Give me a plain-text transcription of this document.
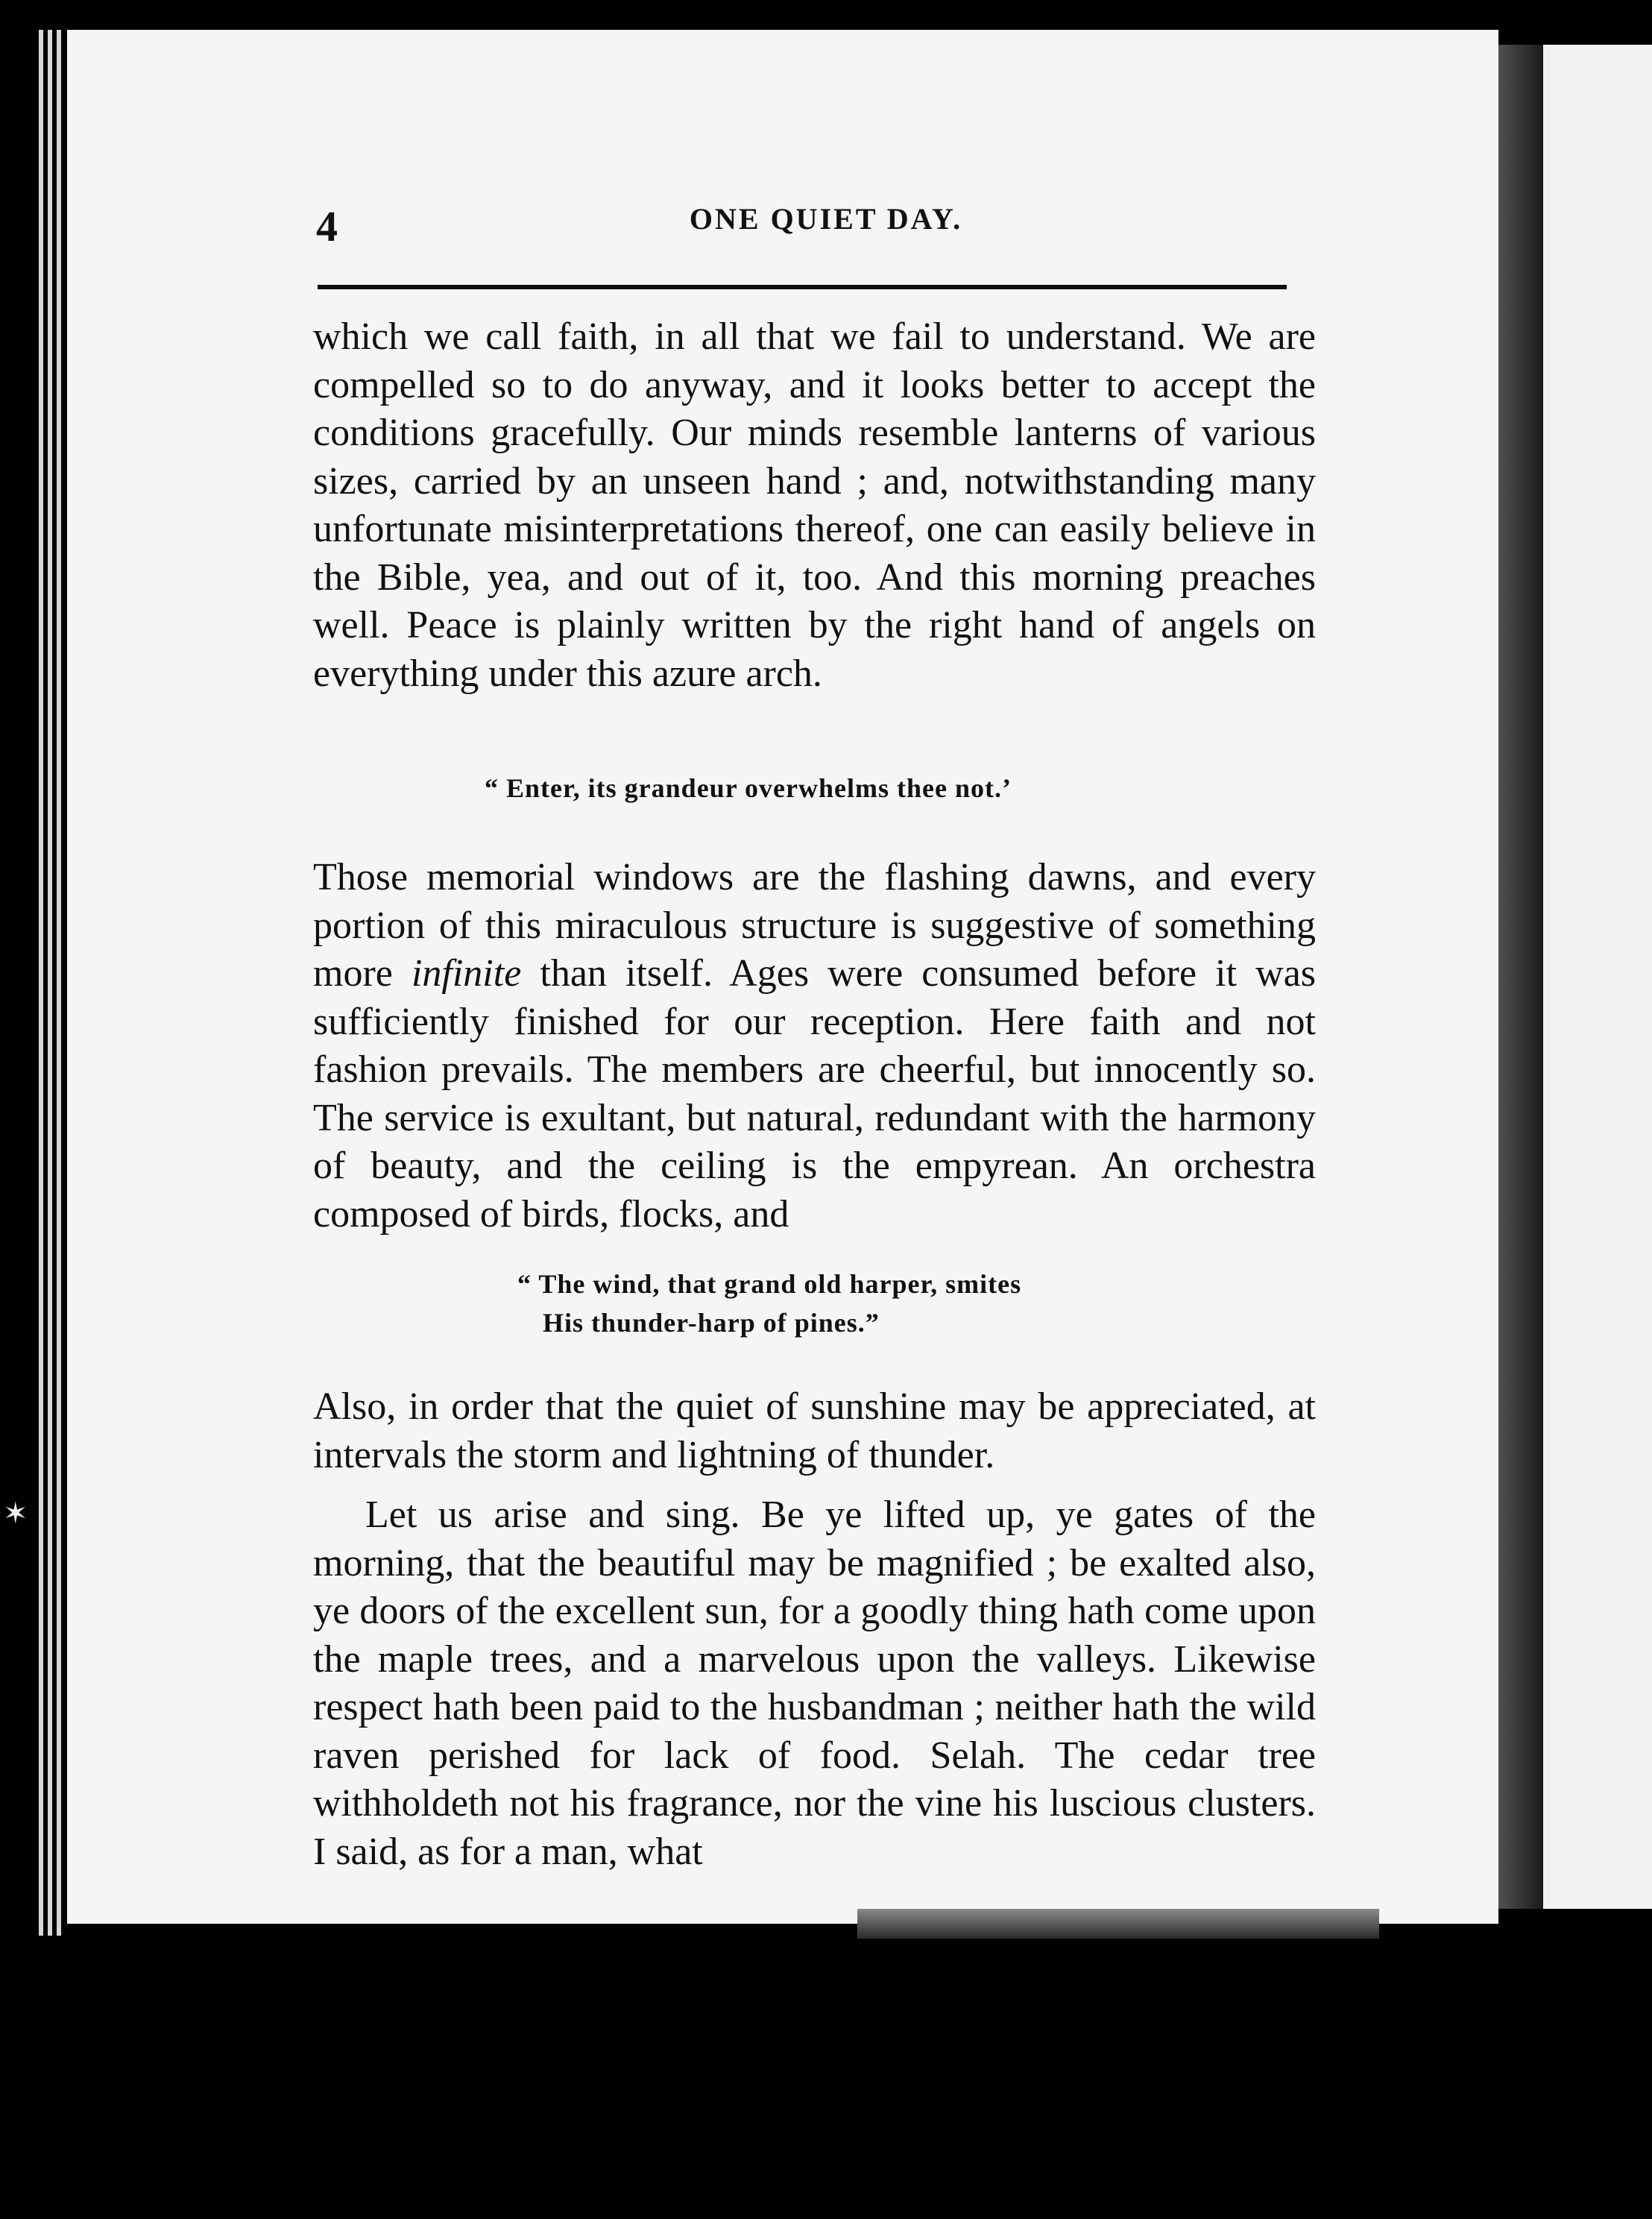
✶
4	ONE QUIET DAY.
which we call faith, in all that we fail to understand. We are compelled so to do anyway, and it looks better to accept the conditions gracefully. Our minds resemble lanterns of various sizes, carried by an unseen hand ; and, notwithstanding many unfortunate misinterpretations thereof, one can easily believe in the Bible, yea, and out of it, too. And this morning preaches well. Peace is plainly written by the right hand of angels on everything under this azure arch.
“ Enter, its grandeur overwhelms thee not.’
Those memorial windows are the flashing dawns, and every portion of this miraculous structure is suggestive of something more infinite than itself. Ages were consumed before it was sufficiently finished for our reception. Here faith and not fashion prevails. The members are cheerful, but innocently so. The service is exultant, but natural, redundant with the harmony of beauty, and the ceiling is the empyrean. An orchestra composed of birds, flocks, and
“ The wind, that grand old harper, smites
His thunder-harp of pines.”
Also, in order that the quiet of sunshine may be appreciated, at intervals the storm and lightning of thunder.
Let us arise and sing. Be ye lifted up, ye gates of the morning, that the beautiful may be magnified ; be exalted also, ye doors of the excellent sun, for a goodly thing hath come upon the maple trees, and a marvelous upon the valleys. Likewise respect hath been paid to the husbandman ; neither hath the wild raven perished for lack of food. Selah. The cedar tree withholdeth not his fragrance, nor the vine his luscious clusters. I said, as for a man, what
